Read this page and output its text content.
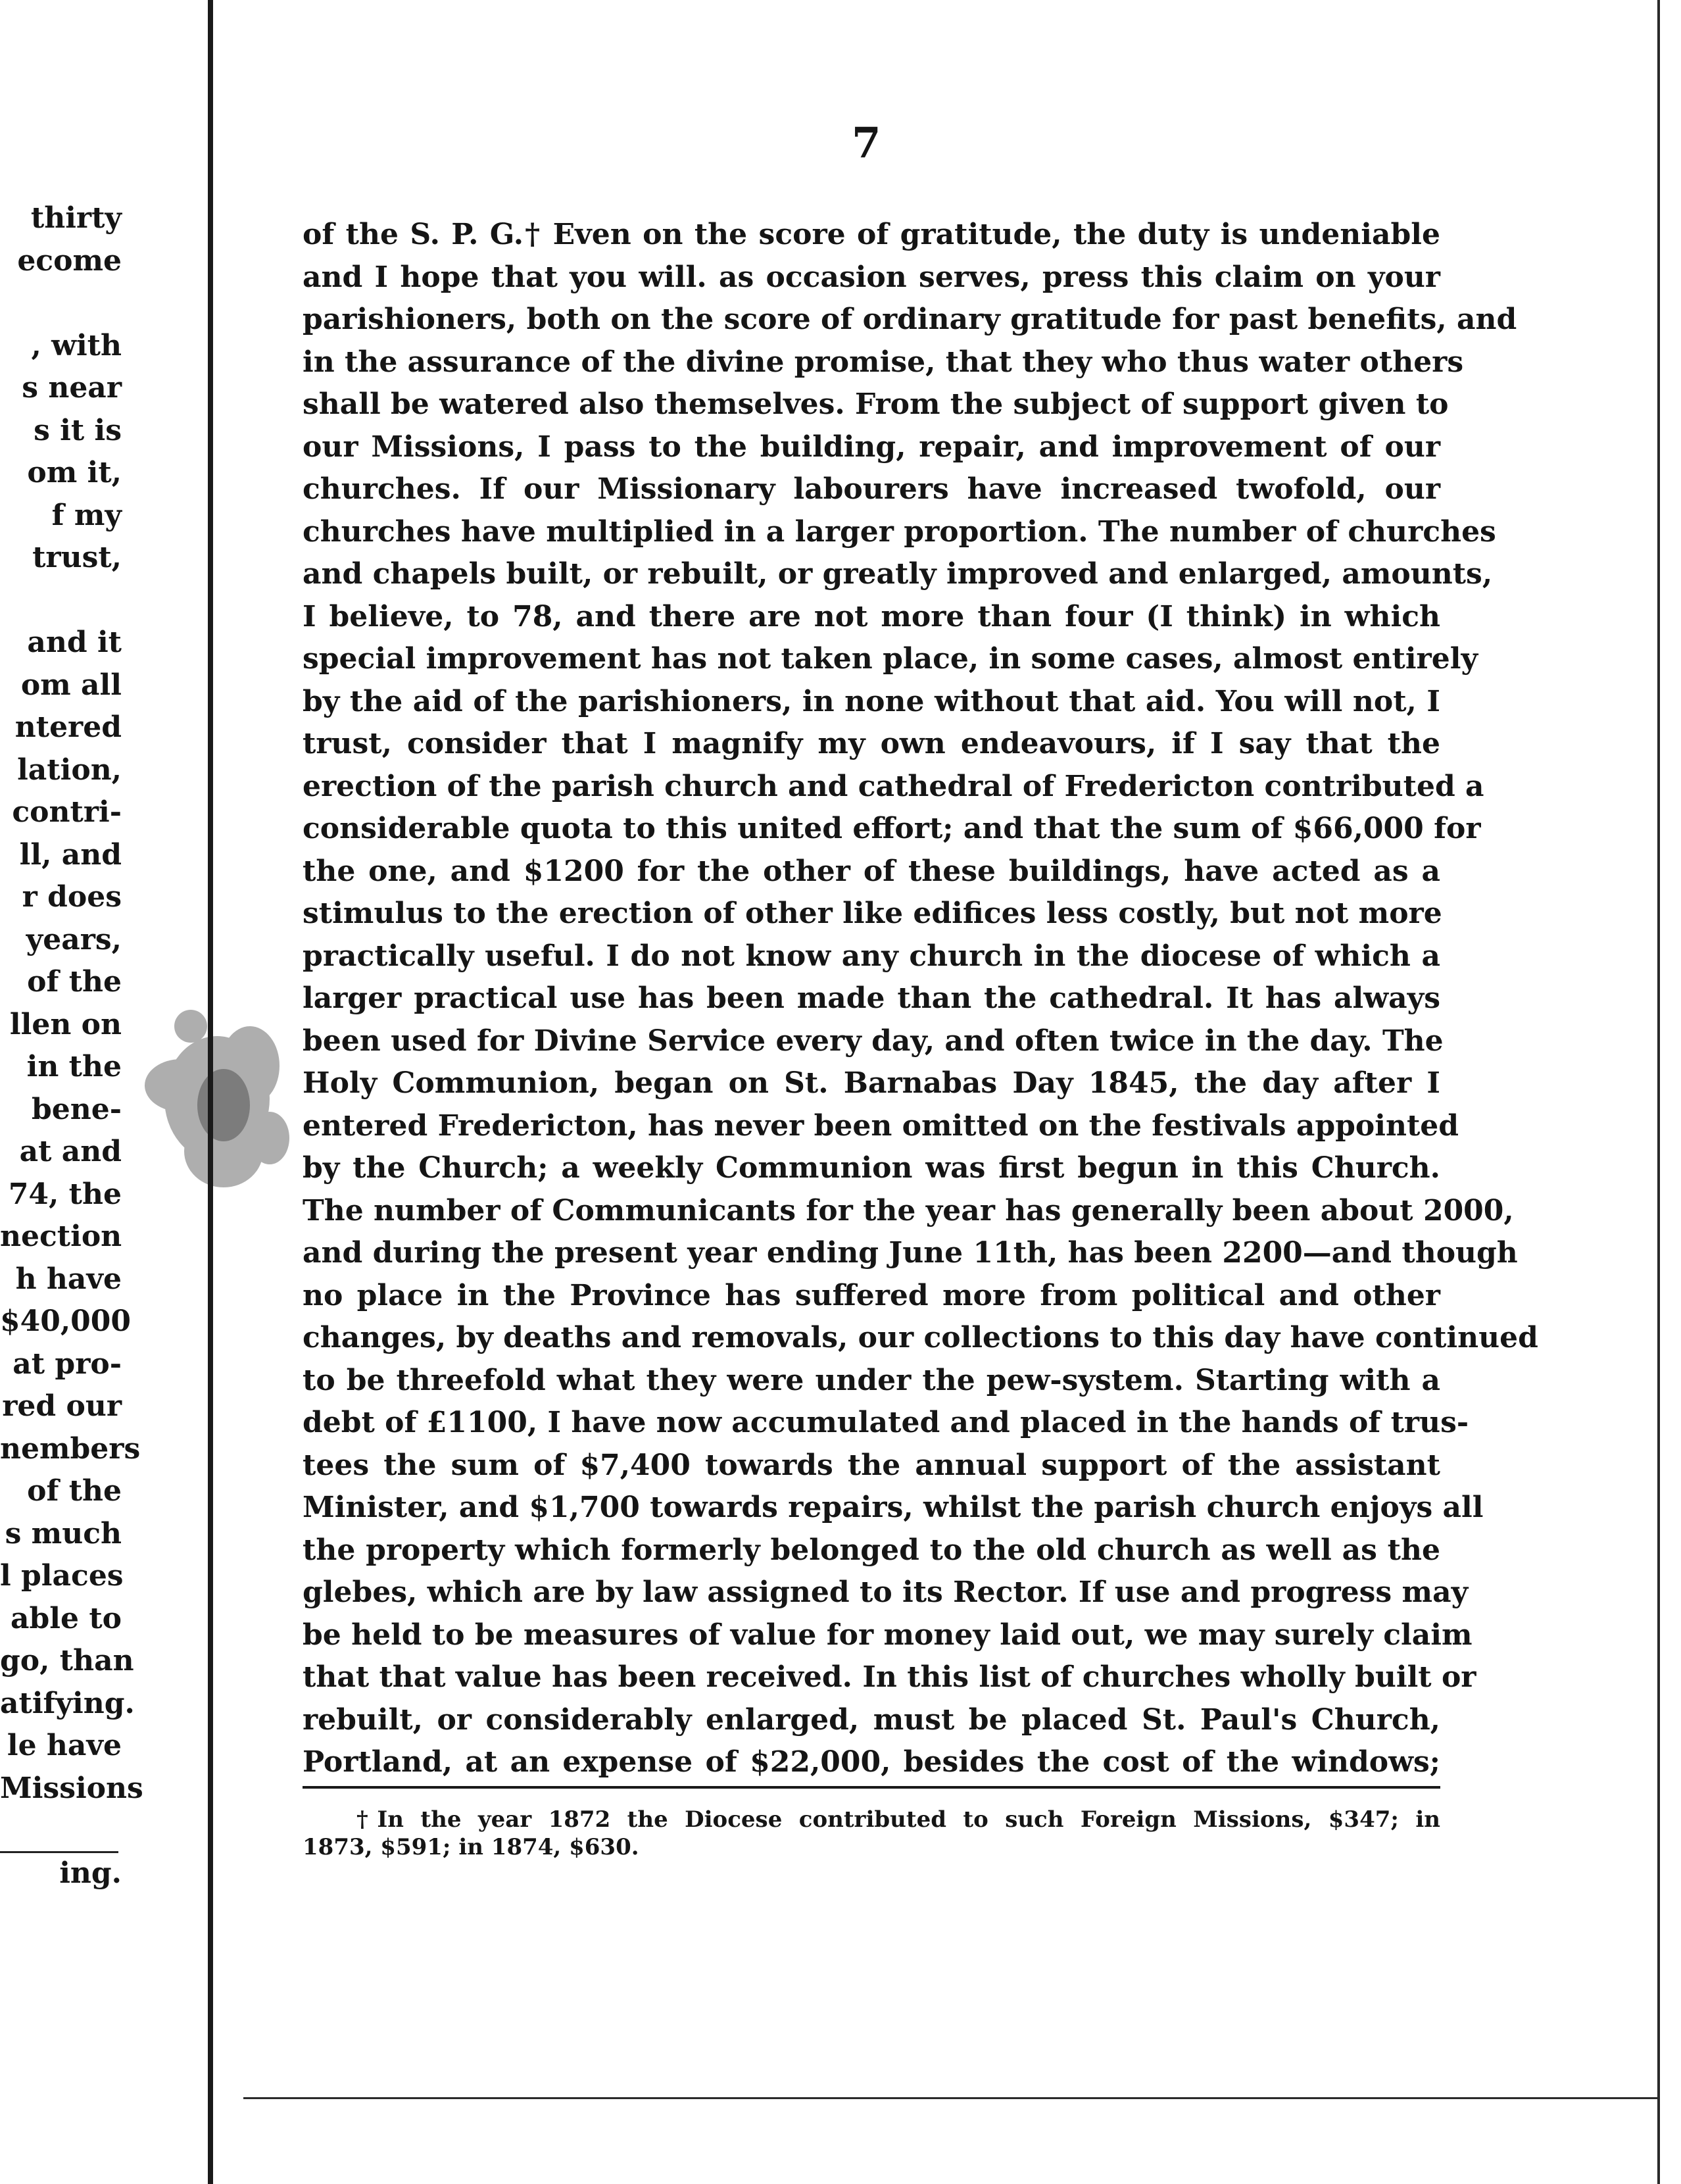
thirty
ecome
, with
s near
s it is
om it,
f my
trust,
and it
om all
ntered
lation,
contri-
ll, and
r does
years,
of the
llen on
in the
bene-
at and
74, the
nection
h have
$40,000
at pro-
red our
nembers
of the
s much
l places
able to
go, than
atifying.
le have
Missions
ing.
7
of the S. P. G.† Even on the score of gratitude, the duty is undeniable
and I hope that you will. as occasion serves, press this claim on your
parishioners, both on the score of ordinary gratitude for past benefits, and
in the assurance of the divine promise, that they who thus water others
shall be watered also themselves. From the subject of support given to
our Missions, I pass to the building, repair, and improvement of our
churches. If our Missionary labourers have increased twofold, our
churches have multiplied in a larger proportion. The number of churches
and chapels built, or rebuilt, or greatly improved and enlarged, amounts,
I believe, to 78, and there are not more than four (I think) in which
special improvement has not taken place, in some cases, almost entirely
by the aid of the parishioners, in none without that aid. You will not, I
trust, consider that I magnify my own endeavours, if I say that the
erection of the parish church and cathedral of Fredericton contributed a
considerable quota to this united effort; and that the sum of $66,000 for
the one, and $1200 for the other of these buildings, have acted as a
stimulus to the erection of other like edifices less costly, but not more
practically useful. I do not know any church in the diocese of which a
larger practical use has been made than the cathedral. It has always
been used for Divine Service every day, and often twice in the day. The
Holy Communion, began on St. Barnabas Day 1845, the day after I
entered Fredericton, has never been omitted on the festivals appointed
by the Church; a weekly Communion was first begun in this Church.
The number of Communicants for the year has generally been about 2000,
and during the present year ending June 11th, has been 2200—and though
no place in the Province has suffered more from political and other
changes, by deaths and removals, our collections to this day have continued
to be threefold what they were under the pew-system. Starting with a
debt of £1100, I have now accumulated and placed in the hands of trus-
tees the sum of $7,400 towards the annual support of the assistant
Minister, and $1,700 towards repairs, whilst the parish church enjoys all
the property which formerly belonged to the old church as well as the
glebes, which are by law assigned to its Rector. If use and progress may
be held to be measures of value for money laid out, we may surely claim
that that value has been received. In this list of churches wholly built or
rebuilt, or considerably enlarged, must be placed St. Paul's Church,
Portland, at an expense of $22,000, besides the cost of the windows;
†In the year 1872 the Diocese contributed to such Foreign Missions, $347; in
1873, $591; in 1874, $630.
